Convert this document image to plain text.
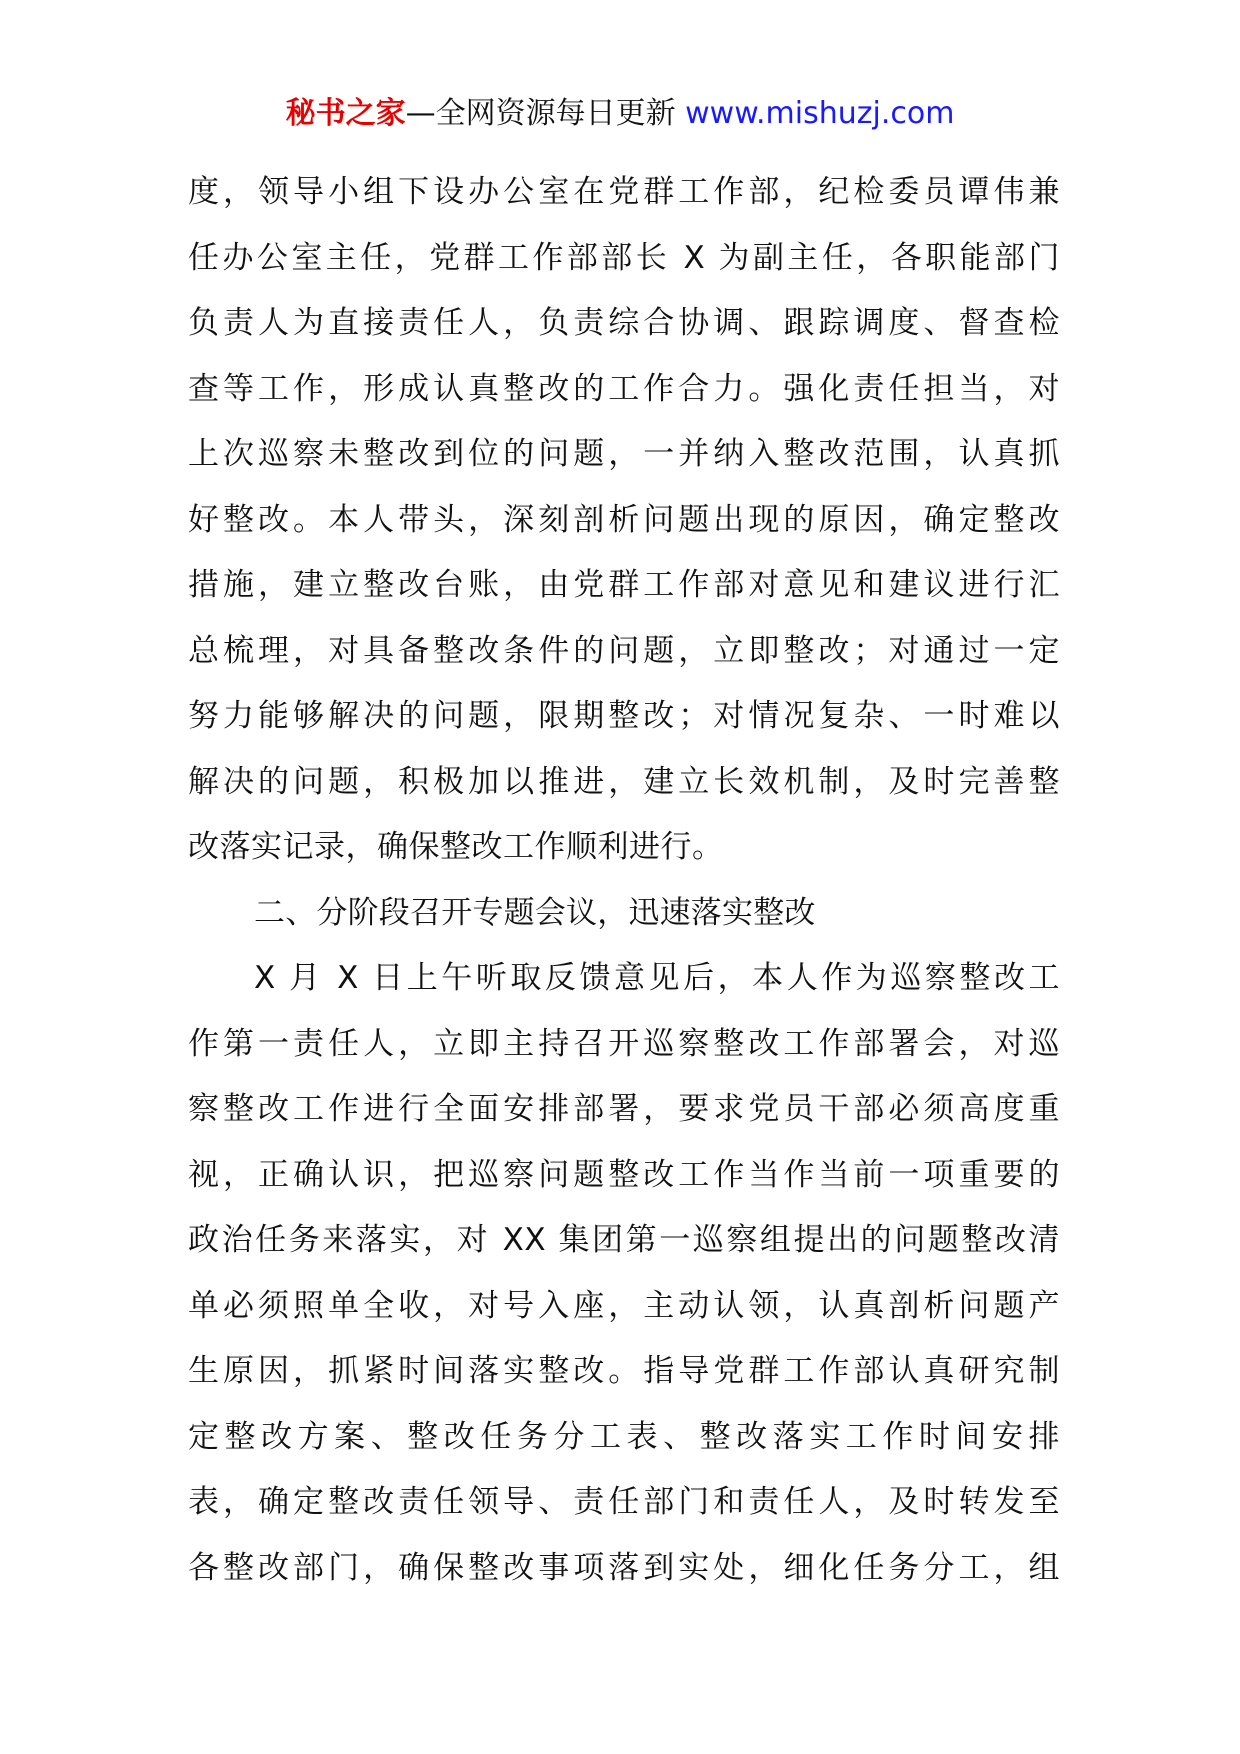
秘书之家—全网资源每日更新 www.mishuzj.com
度，领导小组下设办公室在党群工作部，纪检委员谭伟兼
任办公室主任，党群工作部部长 X 为副主任，各职能部门
负责人为直接责任人，负责综合协调、跟踪调度、督查检
查等工作，形成认真整改的工作合力。强化责任担当，对
上次巡察未整改到位的问题，一并纳入整改范围，认真抓
好整改。本人带头，深刻剖析问题出现的原因，确定整改
措施，建立整改台账，由党群工作部对意见和建议进行汇
总梳理，对具备整改条件的问题，立即整改；对通过一定
努力能够解决的问题，限期整改；对情况复杂、一时难以
解决的问题，积极加以推进，建立长效机制，及时完善整
改落实记录，确保整改工作顺利进行。
二、分阶段召开专题会议，迅速落实整改
X 月 X 日上午听取反馈意见后，本人作为巡察整改工
作第一责任人，立即主持召开巡察整改工作部署会，对巡
察整改工作进行全面安排部署，要求党员干部必须高度重
视，正确认识，把巡察问题整改工作当作当前一项重要的
政治任务来落实，对 XX 集团第一巡察组提出的问题整改清
单必须照单全收，对号入座，主动认领，认真剖析问题产
生原因，抓紧时间落实整改。指导党群工作部认真研究制
定整改方案、整改任务分工表、整改落实工作时间安排
表，确定整改责任领导、责任部门和责任人，及时转发至
各整改部门，确保整改事项落到实处，细化任务分工，组
